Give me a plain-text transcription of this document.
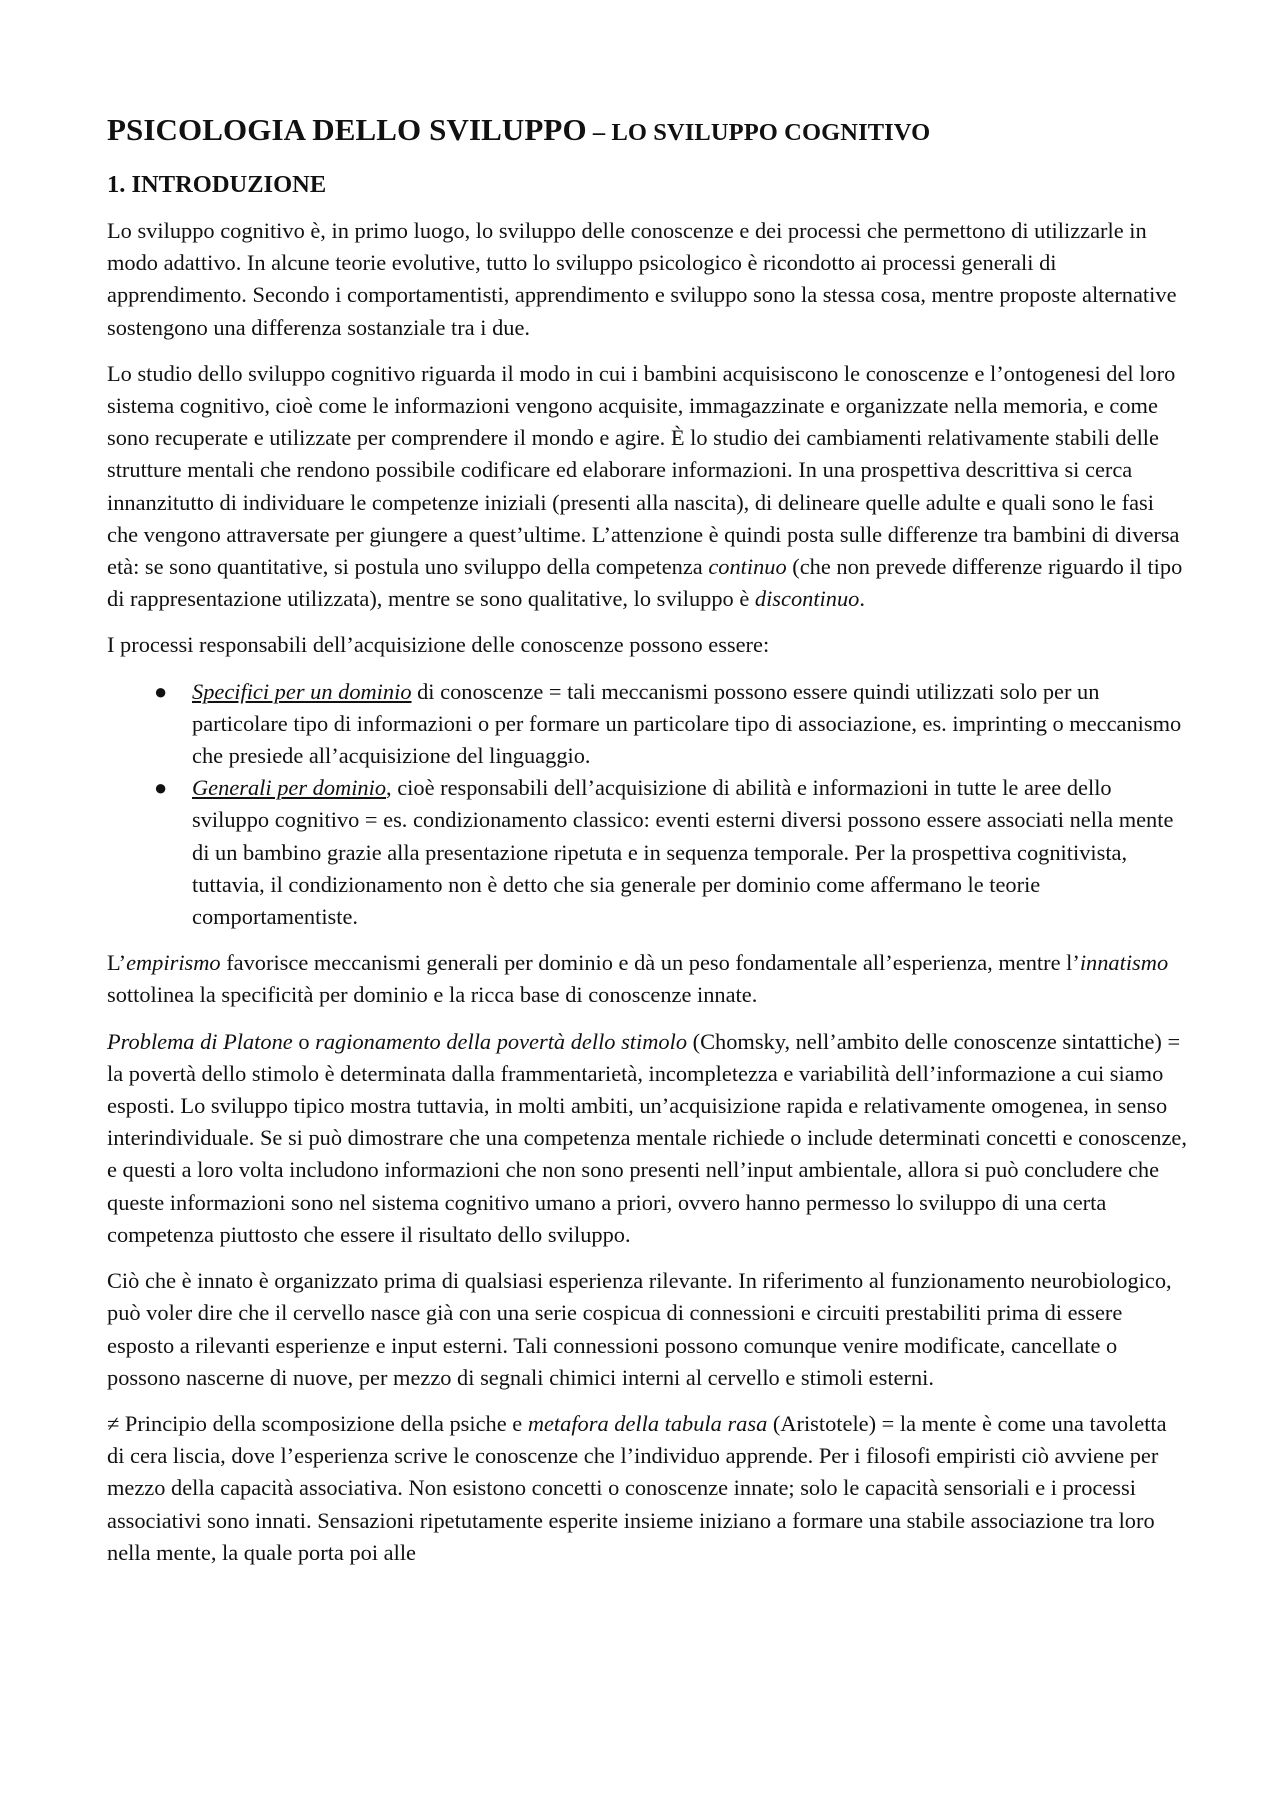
PSICOLOGIA DELLO SVILUPPO – LO SVILUPPO COGNITIVO
1. INTRODUZIONE

Lo sviluppo cognitivo è, in primo luogo, lo sviluppo delle conoscenze e dei processi che permettono di utilizzarle in modo adattivo. In alcune teorie evolutive, tutto lo sviluppo psicologico è ricondotto ai processi generali di apprendimento. Secondo i comportamentisti, apprendimento e sviluppo sono la stessa cosa, mentre proposte alternative sostengono una differenza sostanziale tra i due.

Lo studio dello sviluppo cognitivo riguarda il modo in cui i bambini acquisiscono le conoscenze e l’ontogenesi del loro sistema cognitivo, cioè come le informazioni vengono acquisite, immagazzinate e organizzate nella memoria, e come sono recuperate e utilizzate per comprendere il mondo e agire. È lo studio dei cambiamenti relativamente stabili delle strutture mentali che rendono possibile codificare ed elaborare informazioni. In una prospettiva descrittiva si cerca innanzitutto di individuare le competenze iniziali (presenti alla nascita), di delineare quelle adulte e quali sono le fasi che vengono attraversate per giungere a quest’ultime. L’attenzione è quindi posta sulle differenze tra bambini di diversa età: se sono quantitative, si postula uno sviluppo della competenza continuo (che non prevede differenze riguardo il tipo di rappresentazione utilizzata), mentre se sono qualitative, lo sviluppo è discontinuo.

I processi responsabili dell’acquisizione delle conoscenze possono essere:

● Specifici per un dominio di conoscenze = tali meccanismi possono essere quindi utilizzati solo per un particolare tipo di informazioni o per formare un particolare tipo di associazione, es. imprinting o meccanismo che presiede all’acquisizione del linguaggio.
● Generali per dominio, cioè responsabili dell’acquisizione di abilità e informazioni in tutte le aree dello sviluppo cognitivo = es. condizionamento classico: eventi esterni diversi possono essere associati nella mente di un bambino grazie alla presentazione ripetuta e in sequenza temporale. Per la prospettiva cognitivista, tuttavia, il condizionamento non è detto che sia generale per dominio come affermano le teorie comportamentiste.

L’empirismo favorisce meccanismi generali per dominio e dà un peso fondamentale all’esperienza, mentre l’innatismo sottolinea la specificità per dominio e la ricca base di conoscenze innate.

Problema di Platone o ragionamento della povertà dello stimolo (Chomsky, nell’ambito delle conoscenze sintattiche) = la povertà dello stimolo è determinata dalla frammentarietà, incompletezza e variabilità dell’informazione a cui siamo esposti. Lo sviluppo tipico mostra tuttavia, in molti ambiti, un’acquisizione rapida e relativamente omogenea, in senso interindividuale. Se si può dimostrare che una competenza mentale richiede o include determinati concetti e conoscenze, e questi a loro volta includono informazioni che non sono presenti nell’input ambientale, allora si può concludere che queste informazioni sono nel sistema cognitivo umano a priori, ovvero hanno permesso lo sviluppo di una certa competenza piuttosto che essere il risultato dello sviluppo.

Ciò che è innato è organizzato prima di qualsiasi esperienza rilevante. In riferimento al funzionamento neurobiologico, può voler dire che il cervello nasce già con una serie cospicua di connessioni e circuiti prestabiliti prima di essere esposto a rilevanti esperienze e input esterni. Tali connessioni possono comunque venire modificate, cancellate o possono nascerne di nuove, per mezzo di segnali chimici interni al cervello e stimoli esterni.

≠ Principio della scomposizione della psiche e metafora della tabula rasa (Aristotele) = la mente è come una tavoletta di cera liscia, dove l’esperienza scrive le conoscenze che l’individuo apprende. Per i filosofi empiristi ciò avviene per mezzo della capacità associativa. Non esistono concetti o conoscenze innate; solo le capacità sensoriali e i processi associativi sono innati. Sensazioni ripetutamente esperite insieme iniziano a formare una stabile associazione tra loro nella mente, la quale porta poi alle
